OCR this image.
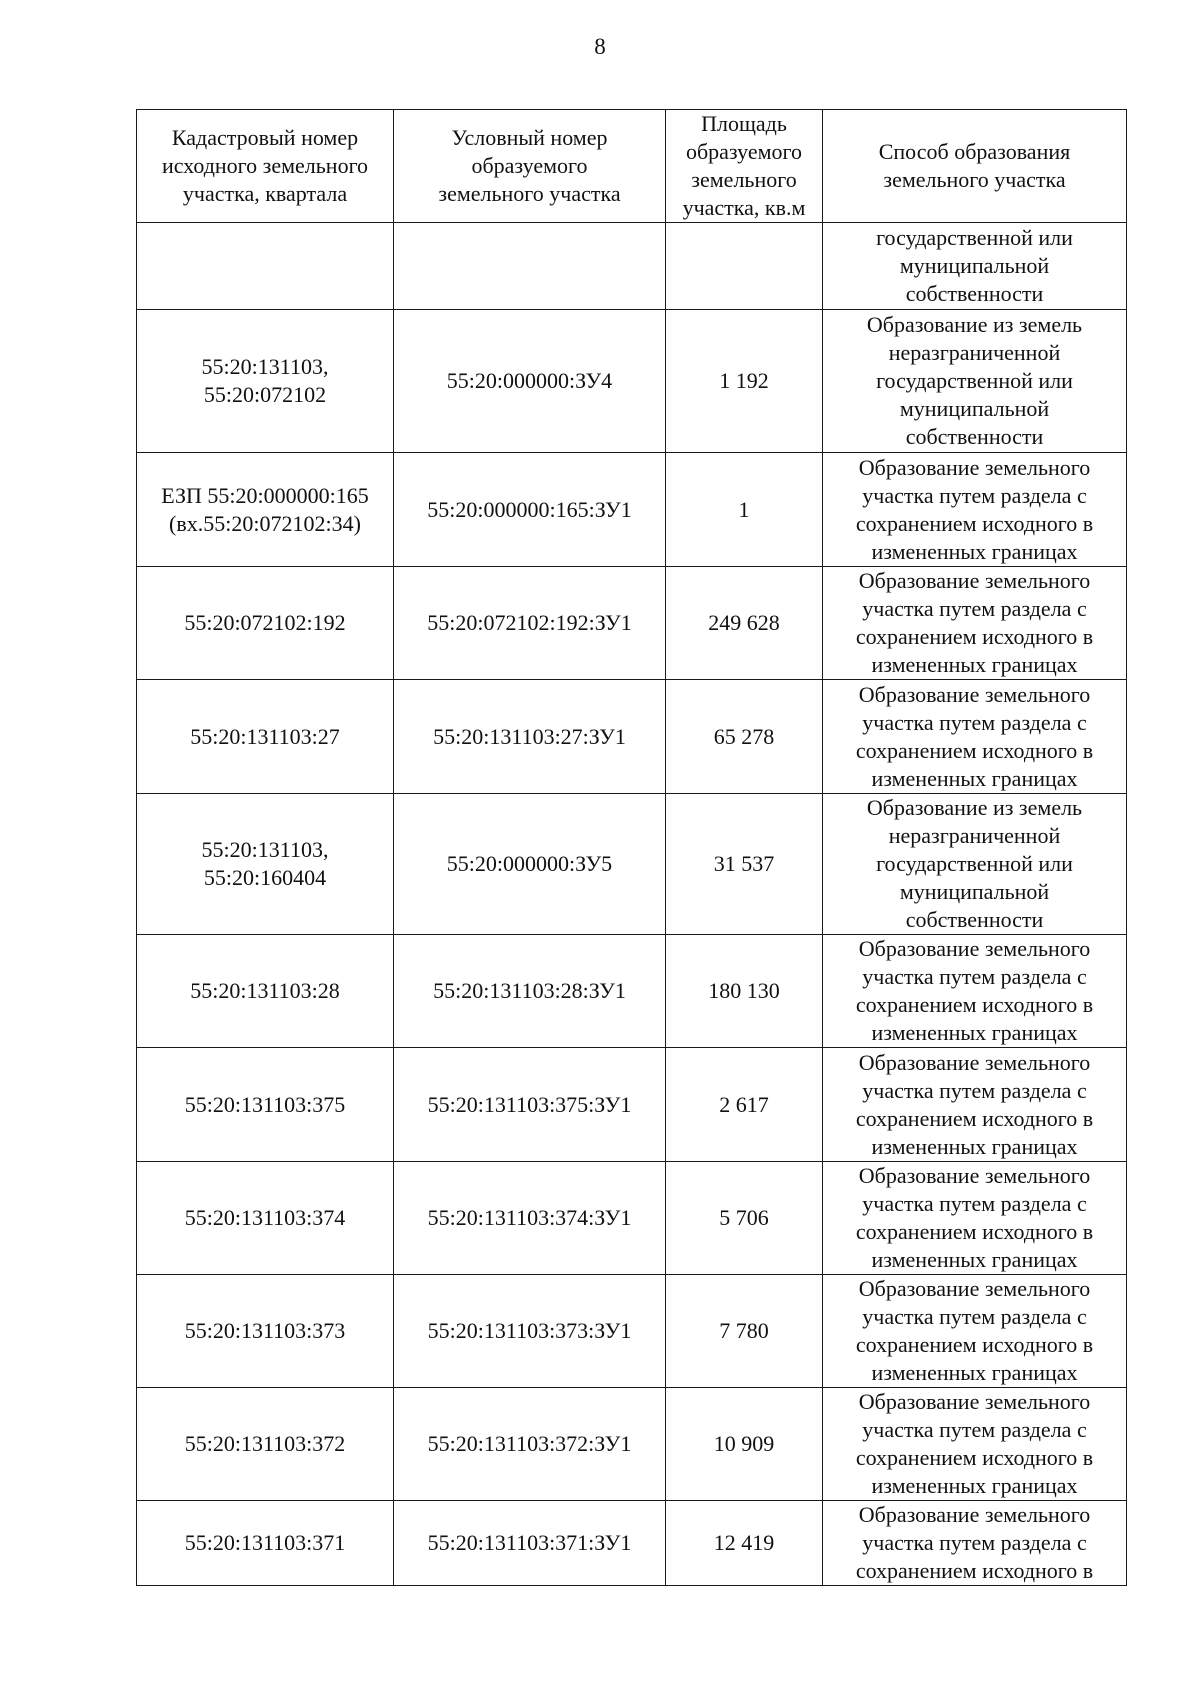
8
Кадастровый номер
исходного земельного
участка, квартала	Условный номер
образуемого
земельного участка	Площадь
образуемого
земельного
участка, кв.м	Способ образования
земельного участка
			государственной или
муниципальной
собственности
55:20:131103,
55:20:072102	55:20:000000:ЗУ4	1 192	Образование из земель
неразграниченной
государственной или
муниципальной
собственности
ЕЗП 55:20:000000:165
(вх.55:20:072102:34)	55:20:000000:165:ЗУ1	1	Образование земельного
участка путем раздела с
сохранением исходного в
измененных границах
55:20:072102:192	55:20:072102:192:ЗУ1	249 628	Образование земельного
участка путем раздела с
сохранением исходного в
измененных границах
55:20:131103:27	55:20:131103:27:ЗУ1	65 278	Образование земельного
участка путем раздела с
сохранением исходного в
измененных границах
55:20:131103,
55:20:160404	55:20:000000:ЗУ5	31 537	Образование из земель
неразграниченной
государственной или
муниципальной
собственности
55:20:131103:28	55:20:131103:28:ЗУ1	180 130	Образование земельного
участка путем раздела с
сохранением исходного в
измененных границах
55:20:131103:375	55:20:131103:375:ЗУ1	2 617	Образование земельного
участка путем раздела с
сохранением исходного в
измененных границах
55:20:131103:374	55:20:131103:374:ЗУ1	5 706	Образование земельного
участка путем раздела с
сохранением исходного в
измененных границах
55:20:131103:373	55:20:131103:373:ЗУ1	7 780	Образование земельного
участка путем раздела с
сохранением исходного в
измененных границах
55:20:131103:372	55:20:131103:372:ЗУ1	10 909	Образование земельного
участка путем раздела с
сохранением исходного в
измененных границах
55:20:131103:371	55:20:131103:371:ЗУ1	12 419	Образование земельного
участка путем раздела с
сохранением исходного в
